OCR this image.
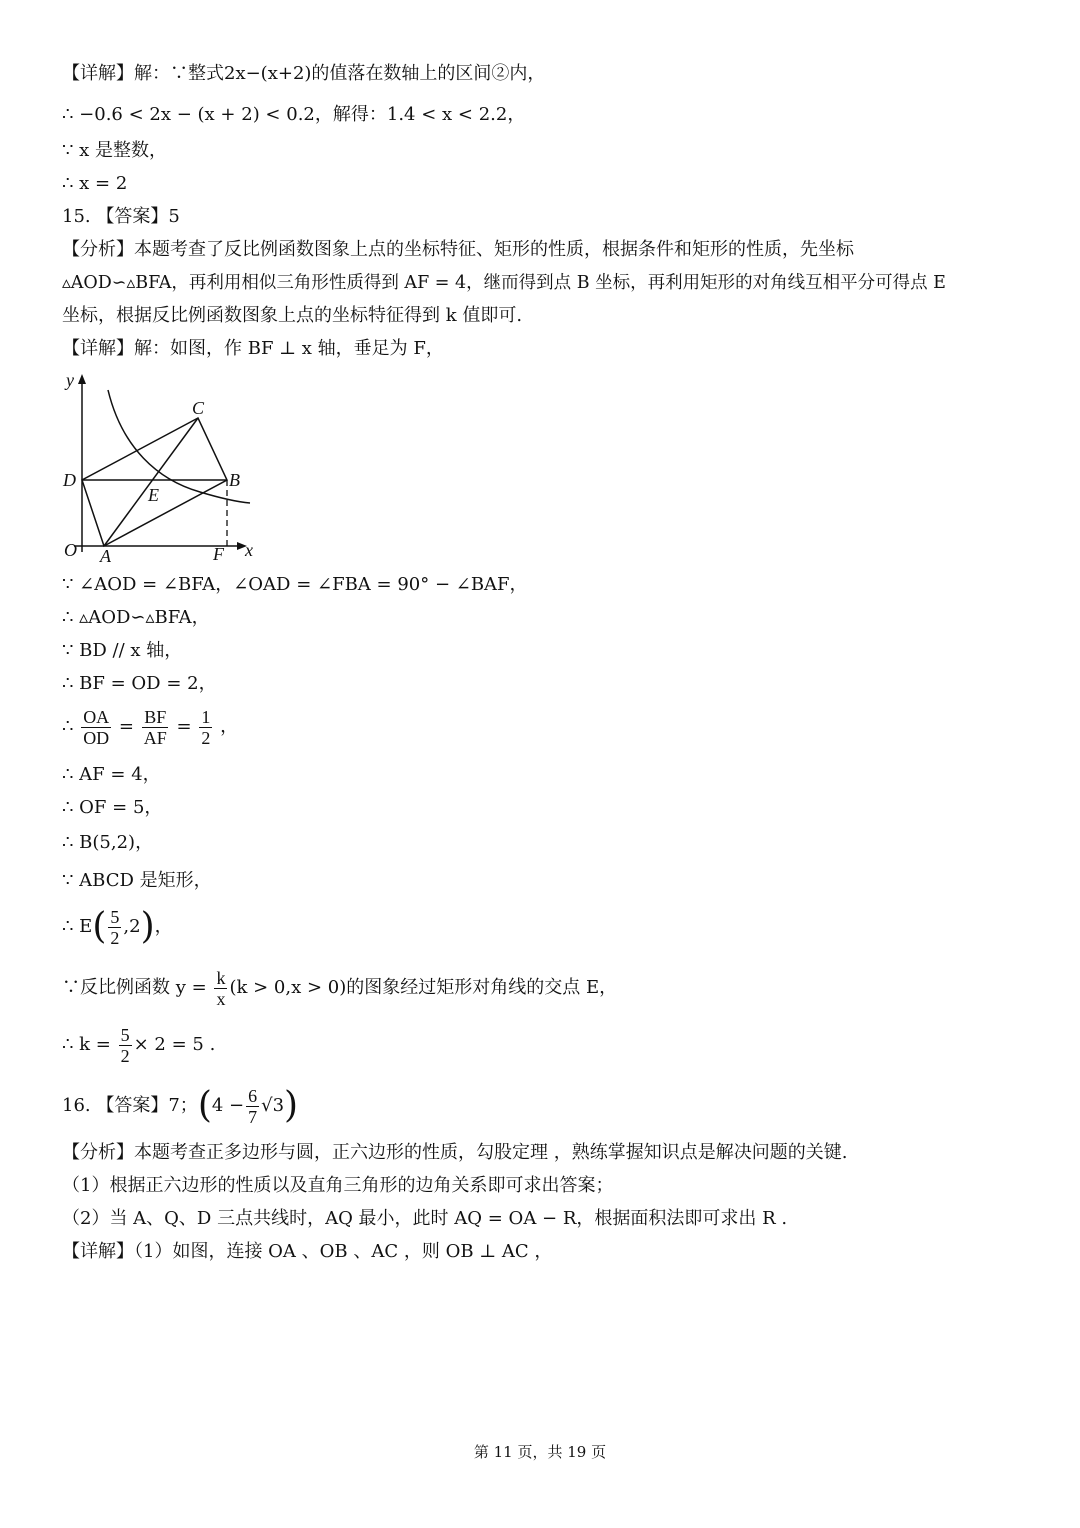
【详解】解：∵整式2x−(x+2)的值落在数轴上的区间②内，
∴ −0.6 < 2x − (x + 2) < 0.2，解得：1.4 < x < 2.2，
∵ x 是整数，
∴ x = 2
15. 【答案】5
【分析】本题考查了反比例函数图象上点的坐标特征、矩形的性质，根据条件和矩形的性质，先坐标
▵AOD∽▵BFA，再利用相似三角形性质得到 AF = 4，继而得到点 B 坐标，再利用矩形的对角线互相平分可得点 E
坐标，根据反比例函数图象上点的坐标特征得到 k 值即可.
【详解】解：如图，作 BF ⊥ x 轴，垂足为 F，
y
x
O A	F
D	B
C
E
∵ ∠AOD = ∠BFA，∠OAD = ∠FBA = 90° − ∠BAF，
∴ ▵AOD∽▵BFA，
∵ BD // x 轴，
∴ BF = OD = 2，
∴ $\frac{OA}{OD} = \frac{BF}{AF} = \frac{1}{2}$ ，
∴ AF = 4，
∴ OF = 5，
∴ B(5,2)，
∵ ABCD 是矩形，
∴ $E( \frac{5}{2} ,2)$，
∵反比例函数 $y = \frac{k}{x} (k > 0,x > 0)$的图象经过矩形对角线的交点 E，
∴ $k = \frac{5}{2} \times 2 = 5$ .
16. 【答案】7；$(4 - \frac{6}{7} √3)$
【分析】本题考查正多边形与圆，正六边形的性质，勾股定理 ，熟练掌握知识点是解决问题的关键.
（1）根据正六边形的性质以及直角三角形的边角关系即可求出答案；
（2）当 A、Q、D 三点共线时，AQ 最小，此时 AQ = OA − R，根据面积法即可求出 R .
【详解】（1）如图，连接 OA 、OB 、AC ，则 OB ⊥ AC ，
第 11 页，共 19 页
